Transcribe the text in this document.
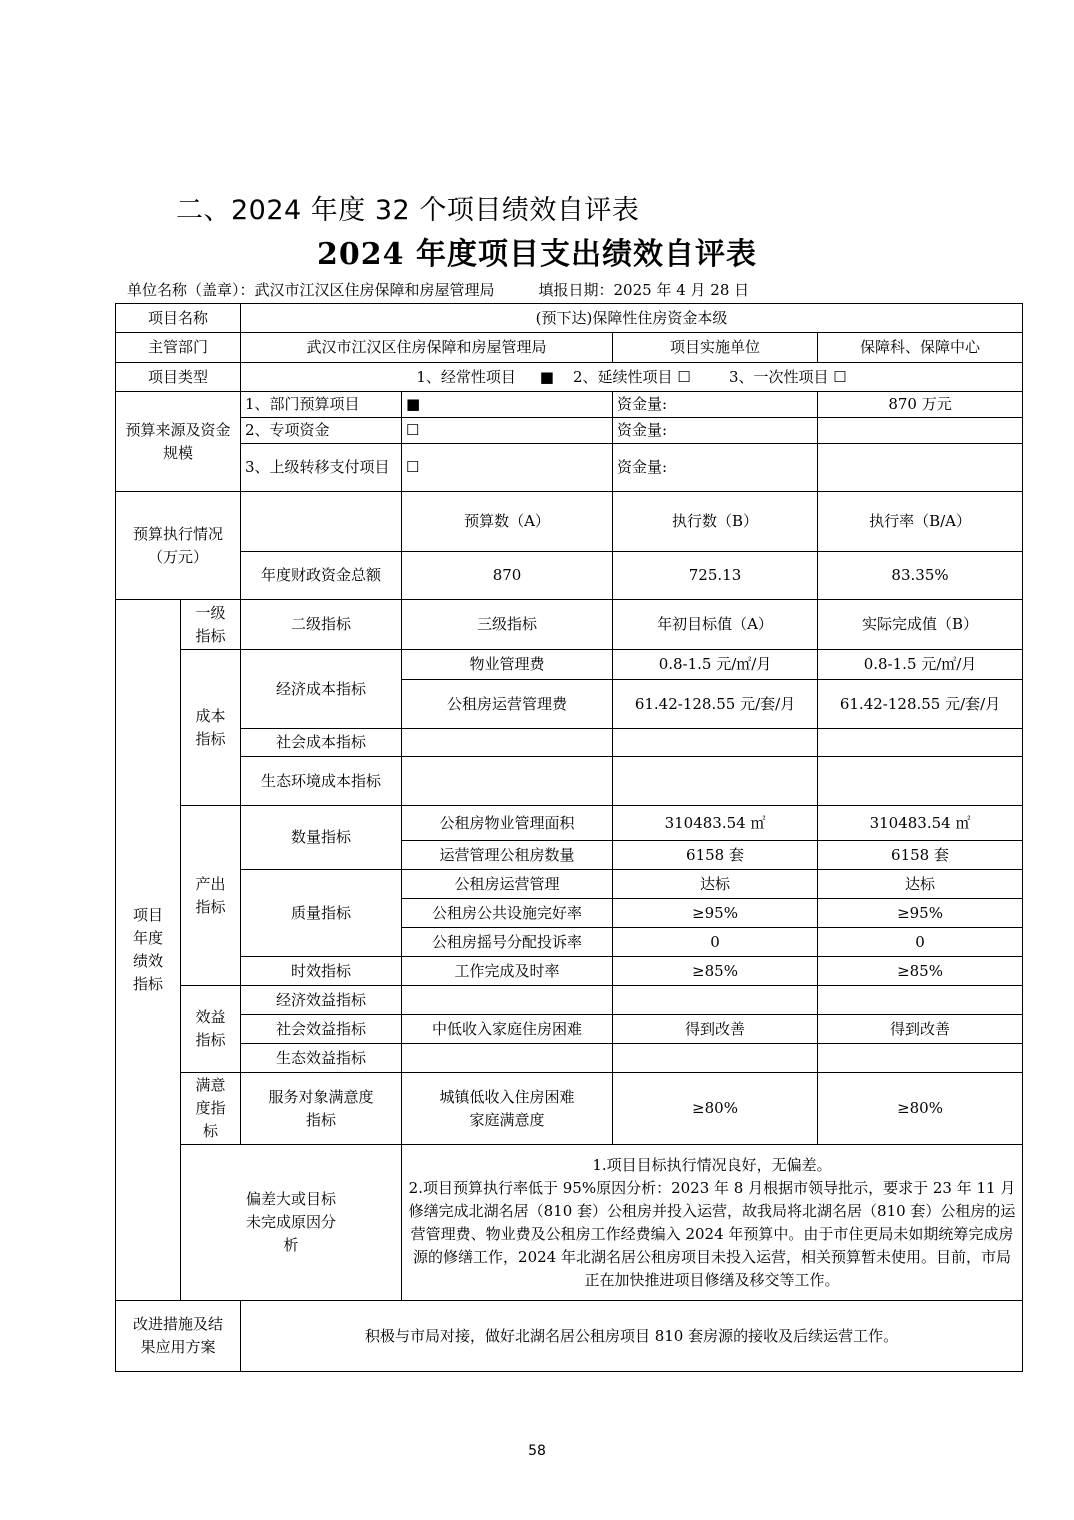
二、2024 年度 32 个项目绩效自评表
2024 年度项目支出绩效自评表
单位名称（盖章）：武汉市江汉区住房保障和房屋管理局	填报日期：2025 年 4 月 28 日
项目名称		(预下达)保障性住房资金本级			
主管部门		武汉市江汉区住房保障和房屋管理局		项目实施单位	保障科、保障中心
项目类型		1、经常性项目 ■ 2、延续性项目 ☐ 3、一次性项目 ☐			
预算来源及资金规模		1、部门预算项目	■	资金量:	870 万元
		2、专项资金	☐	资金量:	
		3、上级转移支付项目	☐	资金量:	

预算执行情况
（万元）			预算数（A）	执行数（B）	执行率（B/A）
		年度财政资金总额	870	725.13	83.35%

项目年度绩效指标	一级指标	二级指标	三级指标	年初目标值（A）	实际完成值（B）

	成本指标	经济成本指标	物业管理费	0.8-1.5 元/㎡/月	0.8-1.5 元/㎡/月
			公租房运营管理费	61.42-128.55 元/套/月	61.42-128.55 元/套/月
		社会成本指标			
		生态环境成本指标			

	产出指标	数量指标	公租房物业管理面积	310483.54 ㎡	310483.54 ㎡
			运营管理公租房数量	6158 套	6158 套
		质量指标	公租房运营管理	达标	达标
			公租房公共设施完好率	≥95%	≥95%
			公租房摇号分配投诉率	0	0
		时效指标	工作完成及时率	≥85%	≥85%

	效益指标	经济效益指标			
		社会效益指标	中低收入家庭住房困难	得到改善	得到改善
		生态效益指标			

	满意度指标	服务对象满意度指标	城镇低收入住房困难家庭满意度	≥80%	≥80%

	偏差大或目标未完成原因分析		1.项目目标执行情况良好，无偏差。

2.项目预算执行率低于 95%原因分析：2023 年 8 月根据市领导批示，要求于 23 年 11 月修缮完成北湖名居（810 套）公租房并投入运营，故我局将北湖名居（810 套）公租房的运营管理费、物业费及公租房工作经费编入 2024 年预算中。由于市住更局未如期统筹完成房源的修缮工作，2024 年北湖名居公租房项目未投入运营，相关预算暂未使用。目前，市局正在加快推进项目修缮及移交等工作。		

改进措施及结果应用方案		积极与市局对接，做好北湖名居公租房项目 810 套房源的接收及后续运营工作。			
58
